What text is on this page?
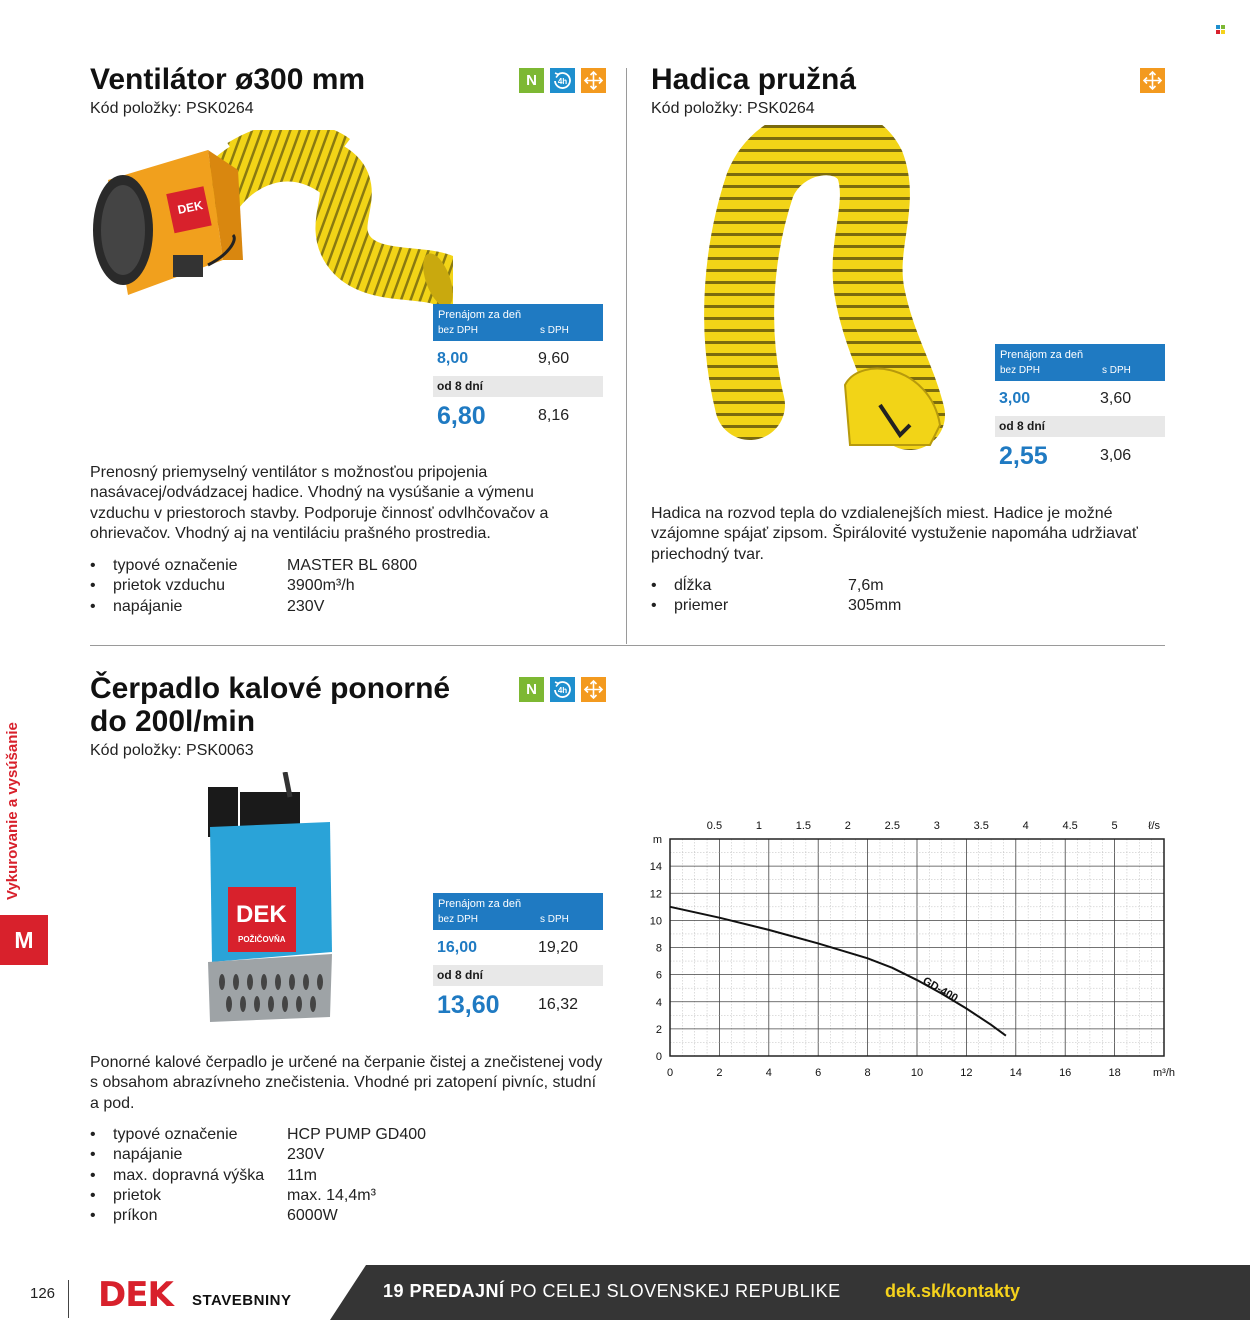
Ventilátor ø300 mm
Kód položky: PSK0264
N	4h
DEK
Prenájom za deň
bez DPH	s DPH
8,00	9,60
od 8 dní
6,80	8,16

Prenosný priemyselný ventilátor s možnosťou pripojenia nasávacej/odvádzacej hadice. Vhodný na vysúšanie a výmenu vzduchu v priestoroch stavby. Podporuje činnosť odvlhčovačov a ohrievačov. Vhodný aj na ventiláciu prašného prostredia.

•	typové označenie	MASTER BL 6800
•	prietok vzduchu	3900m³/h
•	napájanie	230V
Hadica pružná
Kód položky: PSK0264
Prenájom za deň
bez DPH	s DPH
3,00	3,60
od 8 dní
2,55	3,06

Hadica na rozvod tepla do vzdialenejších miest. Hadice je možné vzájomne spájať zipsom. Špirálovité vystuženie napomáha udržiavať priechodný tvar.

•	dĺžka	7,6m
•	priemer	305mm
Čerpadlo kalové ponorné
do 200l/min
Kód položky: PSK0063
N	4h
DEK
POŽIČOVŇA
Prenájom za deň
bez DPH	s DPH
16,00	19,20
od 8 dní
13,60	16,32

Ponorné kalové čerpadlo je určené na čerpanie čistej a znečistenej vody s obsahom abrazívneho znečistenia. Vhodné pri zatopení pivníc, studní a pod.

•	typové označenie	HCP PUMP GD400
•	napájanie	230V
•	max. dopravná výška	11m
•	prietok	max. 14,4m³
•	príkon	6000W
0	2	4	6	8	10	12	14	16	18	m³/h
0.5	1	1.5	2	2.5	3	3.5	4	4.5	5	ℓ/s
0
2
4
6
8
10
12
14
m
GD-400
Vykurovanie a vysúšanie
M
126 DEK STAVEBNINY	19 PREDAJNÍ PO CELEJ SLOVENSKEJ REPUBLIKE dek.sk/kontakty
